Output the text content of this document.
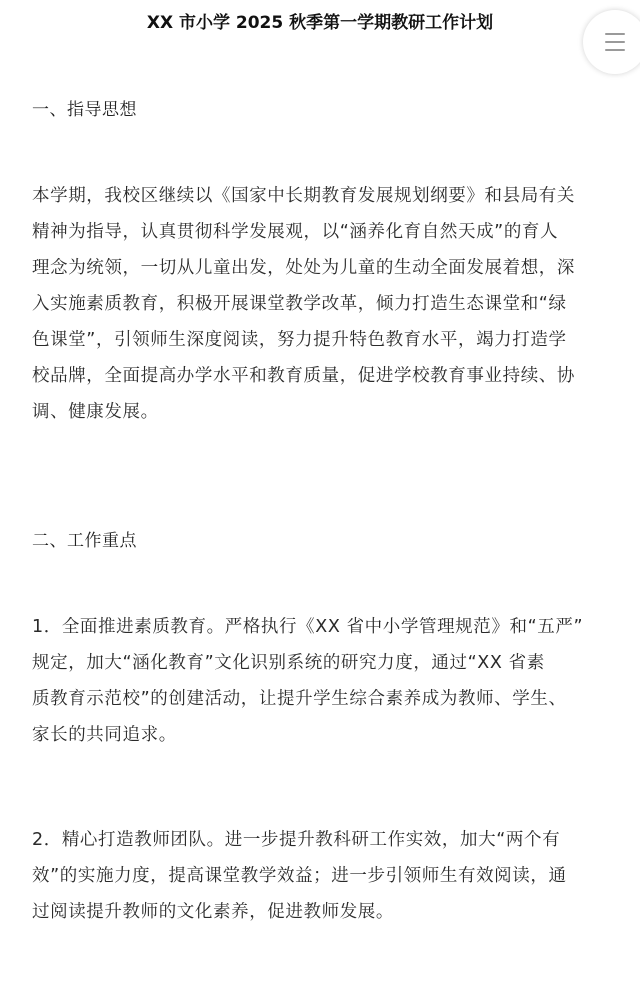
XX 市小学 2025 秋季第一学期教研工作计划
一、指导思想
本学期，我校区继续以《国家中长期教育发展规划纲要》和县局有关
精神为指导，认真贯彻科学发展观，以“涵养化育自然天成”的育人
理念为统领，一切从儿童出发，处处为儿童的生动全面发展着想，深
入实施素质教育，积极开展课堂教学改革，倾力打造生态课堂和“绿
色课堂”，引领师生深度阅读，努力提升特色教育水平，竭力打造学
校品牌，全面提高办学水平和教育质量，促进学校教育事业持续、协
调、健康发展。
二、工作重点
1．全面推进素质教育。严格执行《XX 省中小学管理规范》和“五严”
规定，加大“涵化教育”文化识别系统的研究力度，通过“XX 省素
质教育示范校”的创建活动，让提升学生综合素养成为教师、学生、
家长的共同追求。
2．精心打造教师团队。进一步提升教科研工作实效，加大“两个有
效”的实施力度，提高课堂教学效益；进一步引领师生有效阅读，通
过阅读提升教师的文化素养，促进教师发展。
